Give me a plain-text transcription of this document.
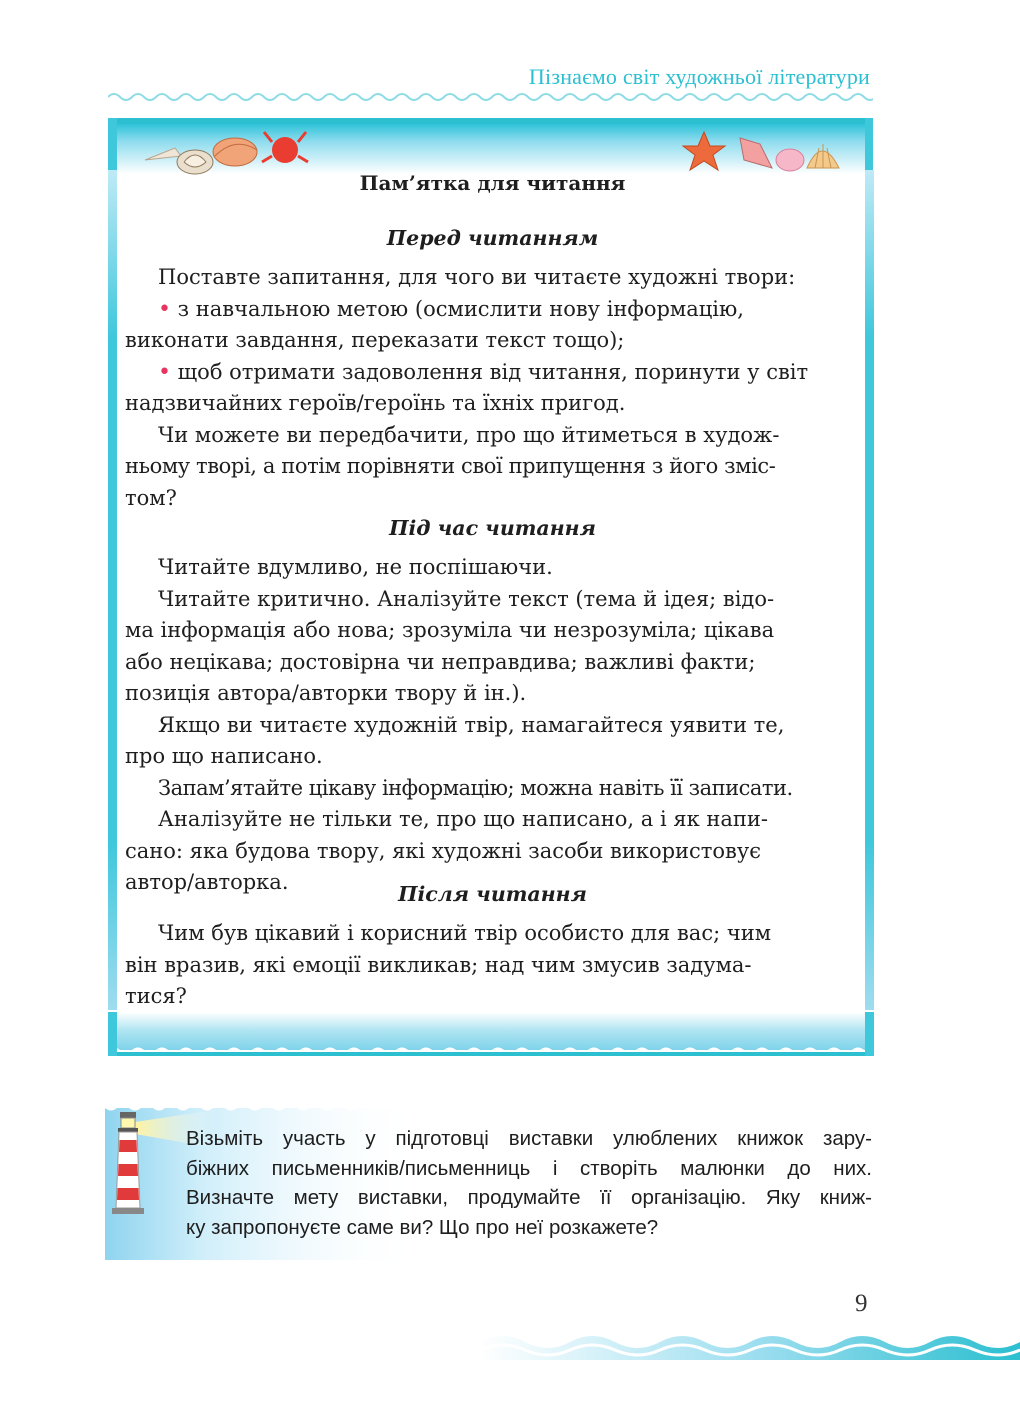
Пізнаємо світ художньої літератури
Пам’ятка для читання
Перед читанням

Поставте запитання, для чого ви читаєте художні твори:

• з навчальною метою (осмислити нову інформацію,

виконати завдання, переказати текст тощо);

• щоб отримати задоволення від читання, поринути у світ

надзвичайних героїв/героїнь та їхніх пригод.

Чи можете ви передбачити, про що йтиметься в худож-

ньому творі, а потім порівняти свої припущення з його зміс-

том?

Під час читання

Читайте вдумливо, не поспішаючи.

Читайте критично. Аналізуйте текст (тема й ідея; відо-

ма інформація або нова; зрозуміла чи незрозуміла; цікава

або нецікава; достовірна чи неправдива; важливі факти;

позиція автора/авторки твору й ін.).

Якщо ви читаєте художній твір, намагайтеся уявити те,

про що написано.

Запам’ятайте цікаву інформацію; можна навіть її записати.

Аналізуйте не тільки те, про що написано, а і як напи-

сано: яка будова твору, які художні засоби використовує

автор/авторка.	Після читання

Чим був цікавий і корисний твір особисто для вас; чим

він вразив, які емоції викликав; над чим змусив задума-

тися?

Візьміть участь у підготовці виставки улюблених книжок зару-
біжних письменників/письменниць і створіть малюнки до них.
Визначте мету виставки, продумайте її організацію. Яку книж-
ку запропонуєте саме ви? Що про неї розкажете?
9
